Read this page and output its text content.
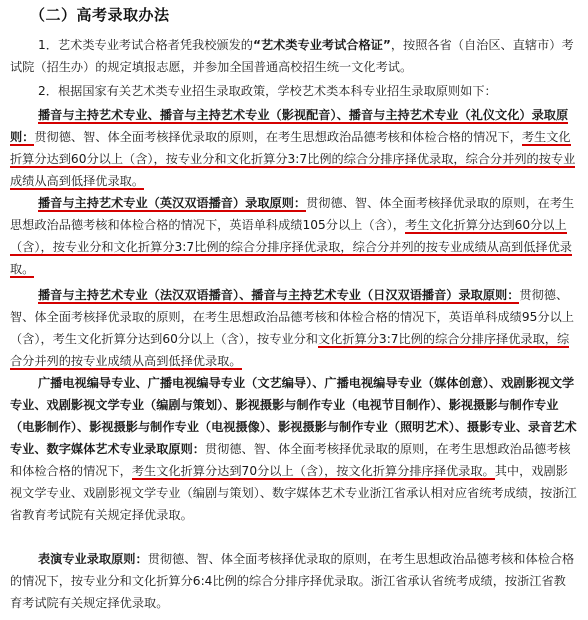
（二）高考录取办法
1．艺术类专业考试合格者凭我校颁发的“艺术类专业考试合格证”，按照各省（自治区、直辖市）考试院（招生办）的规定填报志愿，并参加全国普通高校招生统一文化考试。
2．根据国家有关艺术类专业招生录取政策，学校艺术类本科专业招生录取原则如下：
播音与主持艺术专业、播音与主持艺术专业（影视配音）、播音与主持艺术专业（礼仪文化）录取原则：贯彻德、智、体全面考核择优录取的原则，在考生思想政治品德考核和体检合格的情况下，考生文化折算分达到60分以上（含），按专业分和文化折算分3:7比例的综合分排序择优录取，综合分并列的按专业成绩从高到低择优录取。
播音与主持艺术专业（英汉双语播音）录取原则：贯彻德、智、体全面考核择优录取的原则，在考生思想政治品德考核和体检合格的情况下，英语单科成绩105分以上（含），考生文化折算分达到60分以上（含），按专业分和文化折算分3:7比例的综合分排序择优录取，综合分并列的按专业成绩从高到低择优录取。
播音与主持艺术专业（法汉双语播音）、播音与主持艺术专业（日汉双语播音）录取原则：贯彻德、智、体全面考核择优录取的原则，在考生思想政治品德考核和体检合格的情况下，英语单科成绩95分以上（含），考生文化折算分达到60分以上（含），按专业分和文化折算分3:7比例的综合分排序择优录取，综合分并列的按专业成绩从高到低择优录取。
广播电视编导专业、广播电视编导专业（文艺编导）、广播电视编导专业（媒体创意）、戏剧影视文学专业、戏剧影视文学专业（编剧与策划）、影视摄影与制作专业（电视节目制作）、影视摄影与制作专业（电影制作）、影视摄影与制作专业（电视摄像）、影视摄影与制作专业（照明艺术）、摄影专业、录音艺术专业、数字媒体艺术专业录取原则：贯彻德、智、体全面考核择优录取的原则，在考生思想政治品德考核和体检合格的情况下，考生文化折算分达到70分以上（含），按文化折算分排序择优录取。其中，戏剧影视文学专业、戏剧影视文学专业（编剧与策划）、数字媒体艺术专业浙江省承认相对应省统考成绩，按浙江省教育考试院有关规定择优录取。
表演专业录取原则：贯彻德、智、体全面考核择优录取的原则，在考生思想政治品德考核和体检合格的情况下，按专业分和文化折算分6:4比例的综合分排序择优录取。浙江省承认省统考成绩，按浙江省教育考试院有关规定择优录取。
